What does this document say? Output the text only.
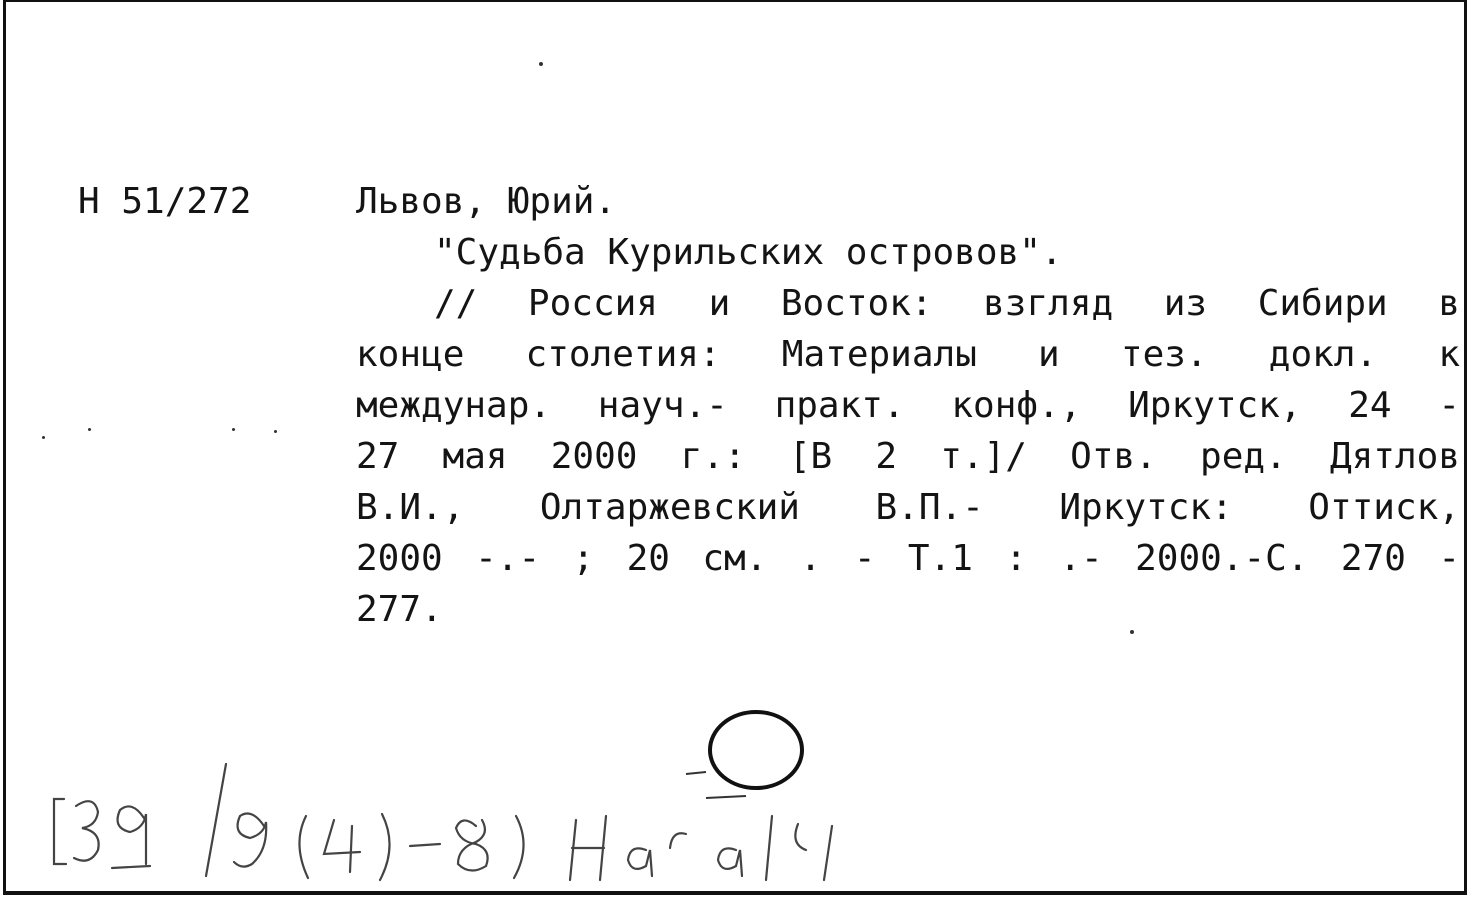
Н 51/272	Львов, Юрий.
"Судьба Курильских островов".
// Россия и Восток: взгляд из Сибири в
конце столетия: Материалы и тез. докл. к
междунар. науч.- практ. конф., Иркутск, 24 -
27 мая 2000 г.: [В 2 т.]/ Отв. ред. Дятлов
В.И., Олтаржевский В.П.- Иркутск: Оттиск,
2000 -.- ; 20 см. . - Т.1 : .- 2000.-С. 270 -
277.
